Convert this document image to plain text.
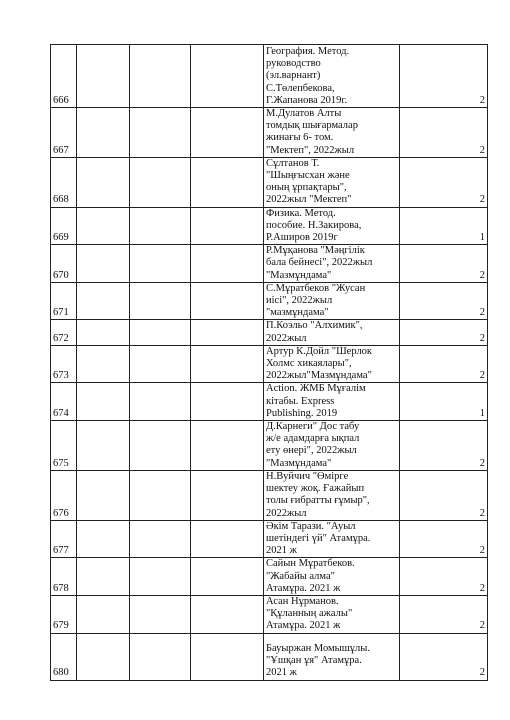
666				География. Метод.
руководство
(эл.варнант)
С.Төлепбекова,
Г.Жапанова 2019г.	2
667				М.Дулатов Алты
томдық шығармалар
жинағы 6- том.
"Мектеп", 2022жыл	2
668				Сұлтанов Т.
"Шыңғысхан және
оның ұрпақтары",
2022жыл "Мектеп"	2
669				Физика. Метод.
пособие. Н.Закирова,
Р.Аширов 2019г	1
670				Р.Мұқанова "Мәңгілік
бала бейнесі", 2022жыл
"Мазмұндама"	2
671				С.Мұратбеков "Жусан
иісі", 2022жыл
"мазмұндама"	2
672				П.Коэльо "Алхимик",
2022жыл	2
673				Артур К.Дойл "Шерлок
Холмс хикаялары",
2022жыл"Мазмұндама"	2
674				Action. ЖМБ Мұғалім
кітабы. Express
Publishing. 2019	1
675				Д.Карнеги" Дос табу
ж/е адамдарға ықпал
ету өнері", 2022жыл
"Мазмұндама"	2
676				Н.Вуйчич "Өмірге
шектеу жоқ. Ғажайып
толы ғибратты ғұмыр",
2022жыл	2
677				Әкім Тарази. "Ауыл
шетіндегі үй" Атамұра.
2021 ж	2
678				Сайын Мұратбеков.
"Жабайы алма"
Атамұра. 2021 ж	2
679				Асан Нұрманов.
"Құланның ажалы"
Атамұра. 2021 ж	2
680				Бауыржан Момышұлы.
"Ұшқан ұя" Атамұра.
2021 ж	2
